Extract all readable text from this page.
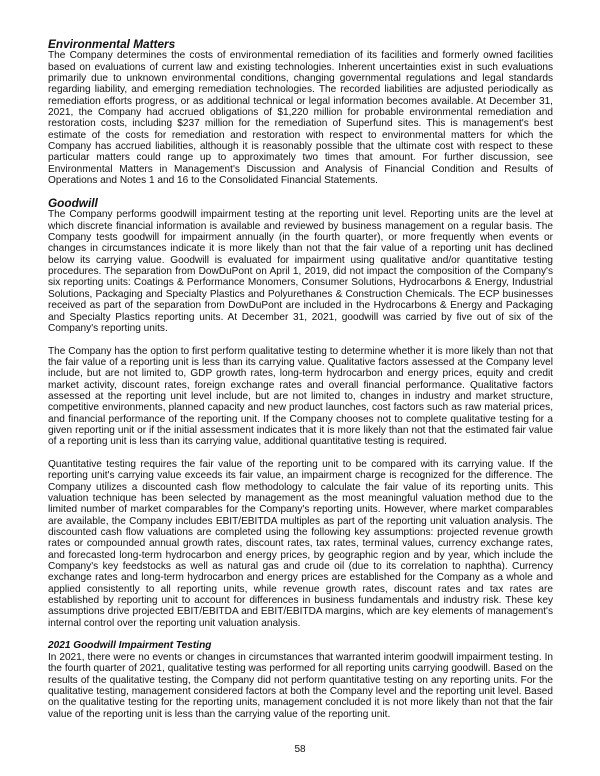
Environmental Matters

The Company determines the costs of environmental remediation of its facilities and formerly owned facilities based on evaluations of current law and existing technologies. Inherent uncertainties exist in such evaluations primarily due to unknown environmental conditions, changing governmental regulations and legal standards regarding liability, and emerging remediation technologies. The recorded liabilities are adjusted periodically as remediation efforts progress, or as additional technical or legal information becomes available. At December 31, 2021, the Company had accrued obligations of $1,220 million for probable environmental remediation and restoration costs, including $237 million for the remediation of Superfund sites. This is management's best estimate of the costs for remediation and restoration with respect to environmental matters for which the Company has accrued liabilities, although it is reasonably possible that the ultimate cost with respect to these particular matters could range up to approximately two times that amount. For further discussion, see Environmental Matters in Management's Discussion and Analysis of Financial Condition and Results of Operations and Notes 1 and 16 to the Consolidated Financial Statements.

Goodwill

The Company performs goodwill impairment testing at the reporting unit level. Reporting units are the level at which discrete financial information is available and reviewed by business management on a regular basis. The Company tests goodwill for impairment annually (in the fourth quarter), or more frequently when events or changes in circumstances indicate it is more likely than not that the fair value of a reporting unit has declined below its carrying value. Goodwill is evaluated for impairment using qualitative and/or quantitative testing procedures. The separation from DowDuPont on April 1, 2019, did not impact the composition of the Company's six reporting units: Coatings & Performance Monomers, Consumer Solutions, Hydrocarbons & Energy, Industrial Solutions, Packaging and Specialty Plastics and Polyurethanes & Construction Chemicals. The ECP businesses received as part of the separation from DowDuPont are included in the Hydrocarbons & Energy and Packaging and Specialty Plastics reporting units. At December 31, 2021, goodwill was carried by five out of six of the Company's reporting units.

The Company has the option to first perform qualitative testing to determine whether it is more likely than not that the fair value of a reporting unit is less than its carrying value. Qualitative factors assessed at the Company level include, but are not limited to, GDP growth rates, long-term hydrocarbon and energy prices, equity and credit market activity, discount rates, foreign exchange rates and overall financial performance. Qualitative factors assessed at the reporting unit level include, but are not limited to, changes in industry and market structure, competitive environments, planned capacity and new product launches, cost factors such as raw material prices, and financial performance of the reporting unit. If the Company chooses not to complete qualitative testing for a given reporting unit or if the initial assessment indicates that it is more likely than not that the estimated fair value of a reporting unit is less than its carrying value, additional quantitative testing is required.

Quantitative testing requires the fair value of the reporting unit to be compared with its carrying value. If the reporting unit's carrying value exceeds its fair value, an impairment charge is recognized for the difference. The Company utilizes a discounted cash flow methodology to calculate the fair value of its reporting units. This valuation technique has been selected by management as the most meaningful valuation method due to the limited number of market comparables for the Company's reporting units. However, where market comparables are available, the Company includes EBIT/EBITDA multiples as part of the reporting unit valuation analysis. The discounted cash flow valuations are completed using the following key assumptions: projected revenue growth rates or compounded annual growth rates, discount rates, tax rates, terminal values, currency exchange rates, and forecasted long-term hydrocarbon and energy prices, by geographic region and by year, which include the Company's key feedstocks as well as natural gas and crude oil (due to its correlation to naphtha). Currency exchange rates and long-term hydrocarbon and energy prices are established for the Company as a whole and applied consistently to all reporting units, while revenue growth rates, discount rates and tax rates are established by reporting unit to account for differences in business fundamentals and industry risk. These key assumptions drive projected EBIT/EBITDA and EBIT/EBITDA margins, which are key elements of management's internal control over the reporting unit valuation analysis.

2021 Goodwill Impairment Testing

In 2021, there were no events or changes in circumstances that warranted interim goodwill impairment testing. In the fourth quarter of 2021, qualitative testing was performed for all reporting units carrying goodwill. Based on the results of the qualitative testing, the Company did not perform quantitative testing on any reporting units. For the qualitative testing, management considered factors at both the Company level and the reporting unit level. Based on the qualitative testing for the reporting units, management concluded it is not more likely than not that the fair value of the reporting unit is less than the carrying value of the reporting unit.

58
